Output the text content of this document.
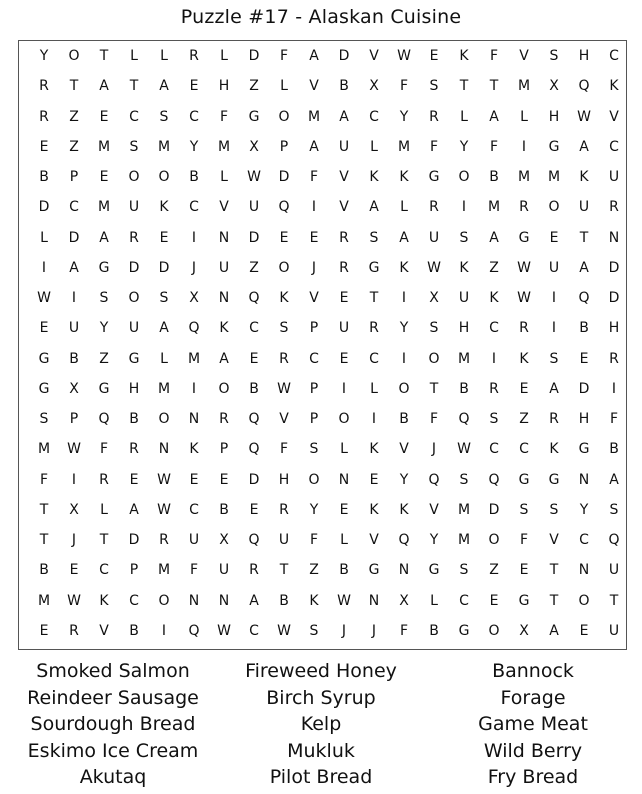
Puzzle #17 - Alaskan Cuisine
Y	O	T	L	L	R	L	D	F	A	D	V	W	E	K	F	V	S	H	C
R	T	A	T	A	E	H	Z	L	V	B	X	F	S	T	T	M	X	Q	K
R	Z	E	C	S	C	F	G	O	M	A	C	Y	R	L	A	L	H	W	V
E	Z	M	S	M	Y	M	X	P	A	U	L	M	F	Y	F	I	G	A	C
B	P	E	O	O	B	L	W	D	F	V	K	K	G	O	B	M	M	K	U
D	C	M	U	K	C	V	U	Q	I	V	A	L	R	I	M	R	O	U	R
L	D	A	R	E	I	N	D	E	E	R	S	A	U	S	A	G	E	T	N
I	A	G	D	D	J	U	Z	O	J	R	G	K	W	K	Z	W	U	A	D
W	I	S	O	S	X	N	Q	K	V	E	T	I	X	U	K	W	I	Q	D
E	U	Y	U	A	Q	K	C	S	P	U	R	Y	S	H	C	R	I	B	H
G	B	Z	G	L	M	A	E	R	C	E	C	I	O	M	I	K	S	E	R
G	X	G	H	M	I	O	B	W	P	I	L	O	T	B	R	E	A	D	I
S	P	Q	B	O	N	R	Q	V	P	O	I	B	F	Q	S	Z	R	H	F
M	W	F	R	N	K	P	Q	F	S	L	K	V	J	W	C	C	K	G	B
F	I	R	E	W	E	E	D	H	O	N	E	Y	Q	S	Q	G	G	N	A
T	X	L	A	W	C	B	E	R	Y	E	K	K	V	M	D	S	S	Y	S
T	J	T	D	R	U	X	Q	U	F	L	V	Q	Y	M	O	F	V	C	Q
B	E	C	P	M	F	U	R	T	Z	B	G	N	G	S	Z	E	T	N	U
M	W	K	C	O	N	N	A	B	K	W	N	X	L	C	E	G	T	O	T
E	R	V	B	I	Q	W	C	W	S	J	J	F	B	G	O	X	A	E	U
Smoked Salmon
Reindeer Sausage
Sourdough Bread
Eskimo Ice Cream
Akutaq
Fireweed Honey
Birch Syrup
Kelp
Mukluk
Pilot Bread
Bannock
Forage
Game Meat
Wild Berry
Fry Bread
